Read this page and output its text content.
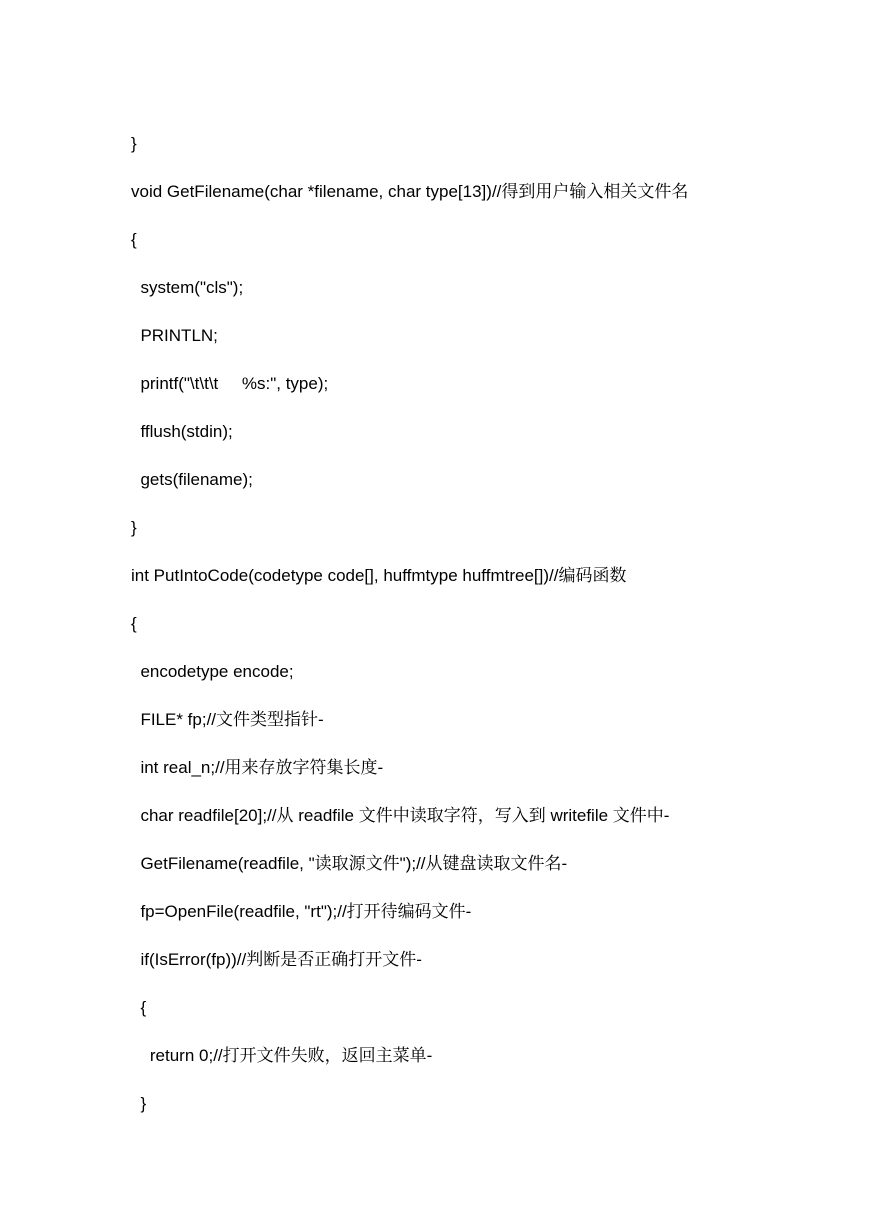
}
void GetFilename(char *filename, char type[13])//得到用户输入相关文件名
{
system("cls");
PRINTLN;
printf("\t\t\t     %s:", type);
fflush(stdin);
gets(filename);
}
int PutIntoCode(codetype code[], huffmtype huffmtree[])//编码函数
{
encodetype encode;
FILE* fp;//文件类型指针-
int real_n;//用来存放字符集长度-
char readfile[20];//从 readfile 文件中读取字符，写入到 writefile 文件中-
GetFilename(readfile, "读取源文件");//从键盘读取文件名-
fp=OpenFile(readfile, "rt");//打开待编码文件-
if(IsError(fp))//判断是否正确打开文件-
{
return 0;//打开文件失败，返回主菜单-
}
